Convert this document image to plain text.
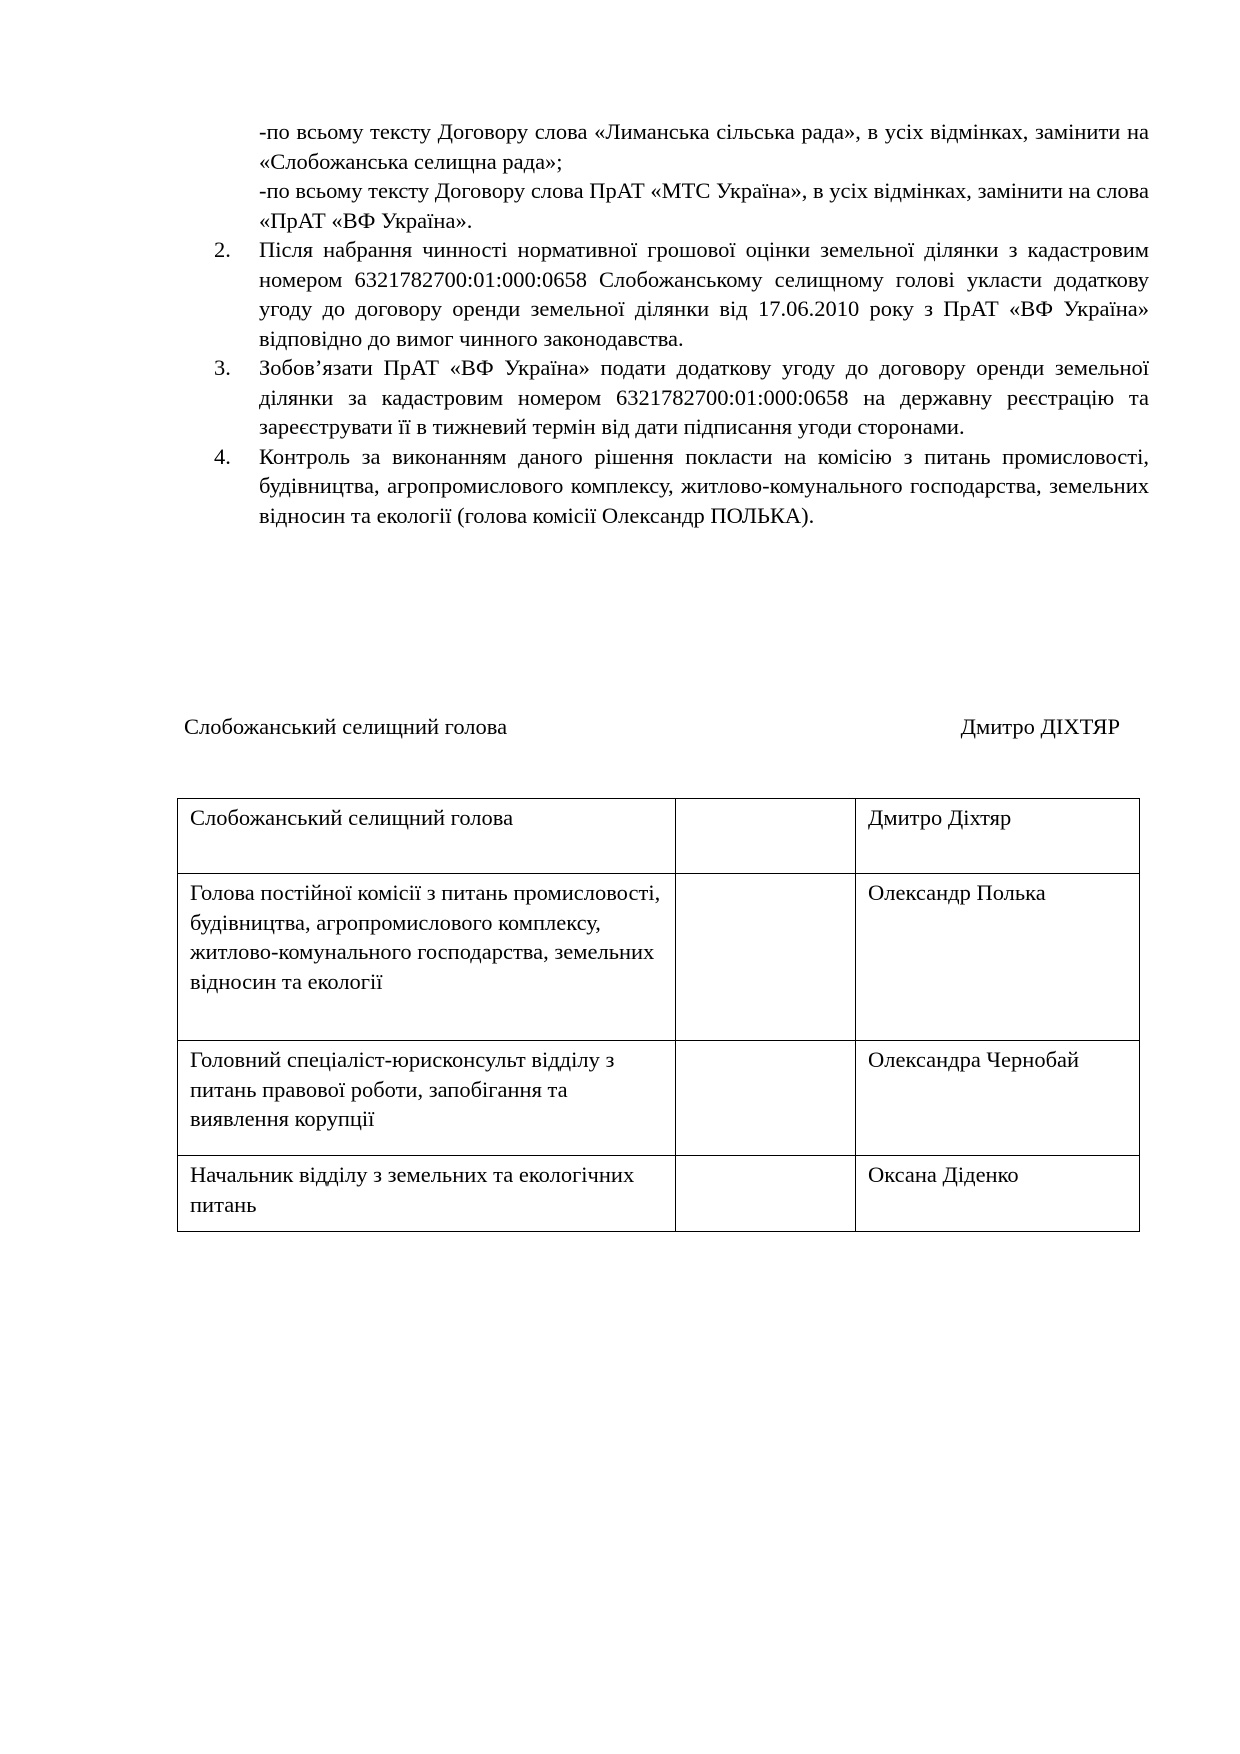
-по всьому тексту Договору слова «Лиманська сільська рада», в усіх відмінках, замінити на «Слобожанська селищна рада»;

-по всьому тексту Договору слова ПрАТ «МТС Україна», в усіх відмінках, замінити на слова «ПрАТ «ВФ Україна».

2. Після набрання чинності нормативної грошової оцінки земельної ділянки з кадастровим номером 6321782700:01:000:0658 Слобожанському селищному голові укласти додаткову угоду до договору оренди земельної ділянки від 17.06.2010 року з ПрАТ «ВФ Україна» відповідно до вимог чинного законодавства.
3. Зобов’язати ПрАТ «ВФ Україна» подати додаткову угоду до договору оренди земельної ділянки за кадастровим номером 6321782700:01:000:0658 на державну реєстрацію та зареєструвати її в тижневий термін від дати підписання угоди сторонами.
4. Контроль за виконанням даного рішення покласти на комісію з питань промисловості, будівництва, агропромислового комплексу, житлово-комунального господарства, земельних відносин та екології (голова комісії Олександр ПОЛЬКА).
Слобожанський селищний голова	Дмитро ДІХТЯР
Слобожанський селищний голова		Дмитро Діхтяр
Голова постійної комісії з питань промисловості, будівництва, агропромислового комплексу, житлово-комунального господарства, земельних відносин та екології		Олександр Полька
Головний спеціаліст-юрисконсульт відділу з питань правової роботи, запобігання та виявлення корупції		Олександра Чернобай
Начальник відділу з земельних та екологічних питань		Оксана Діденко
